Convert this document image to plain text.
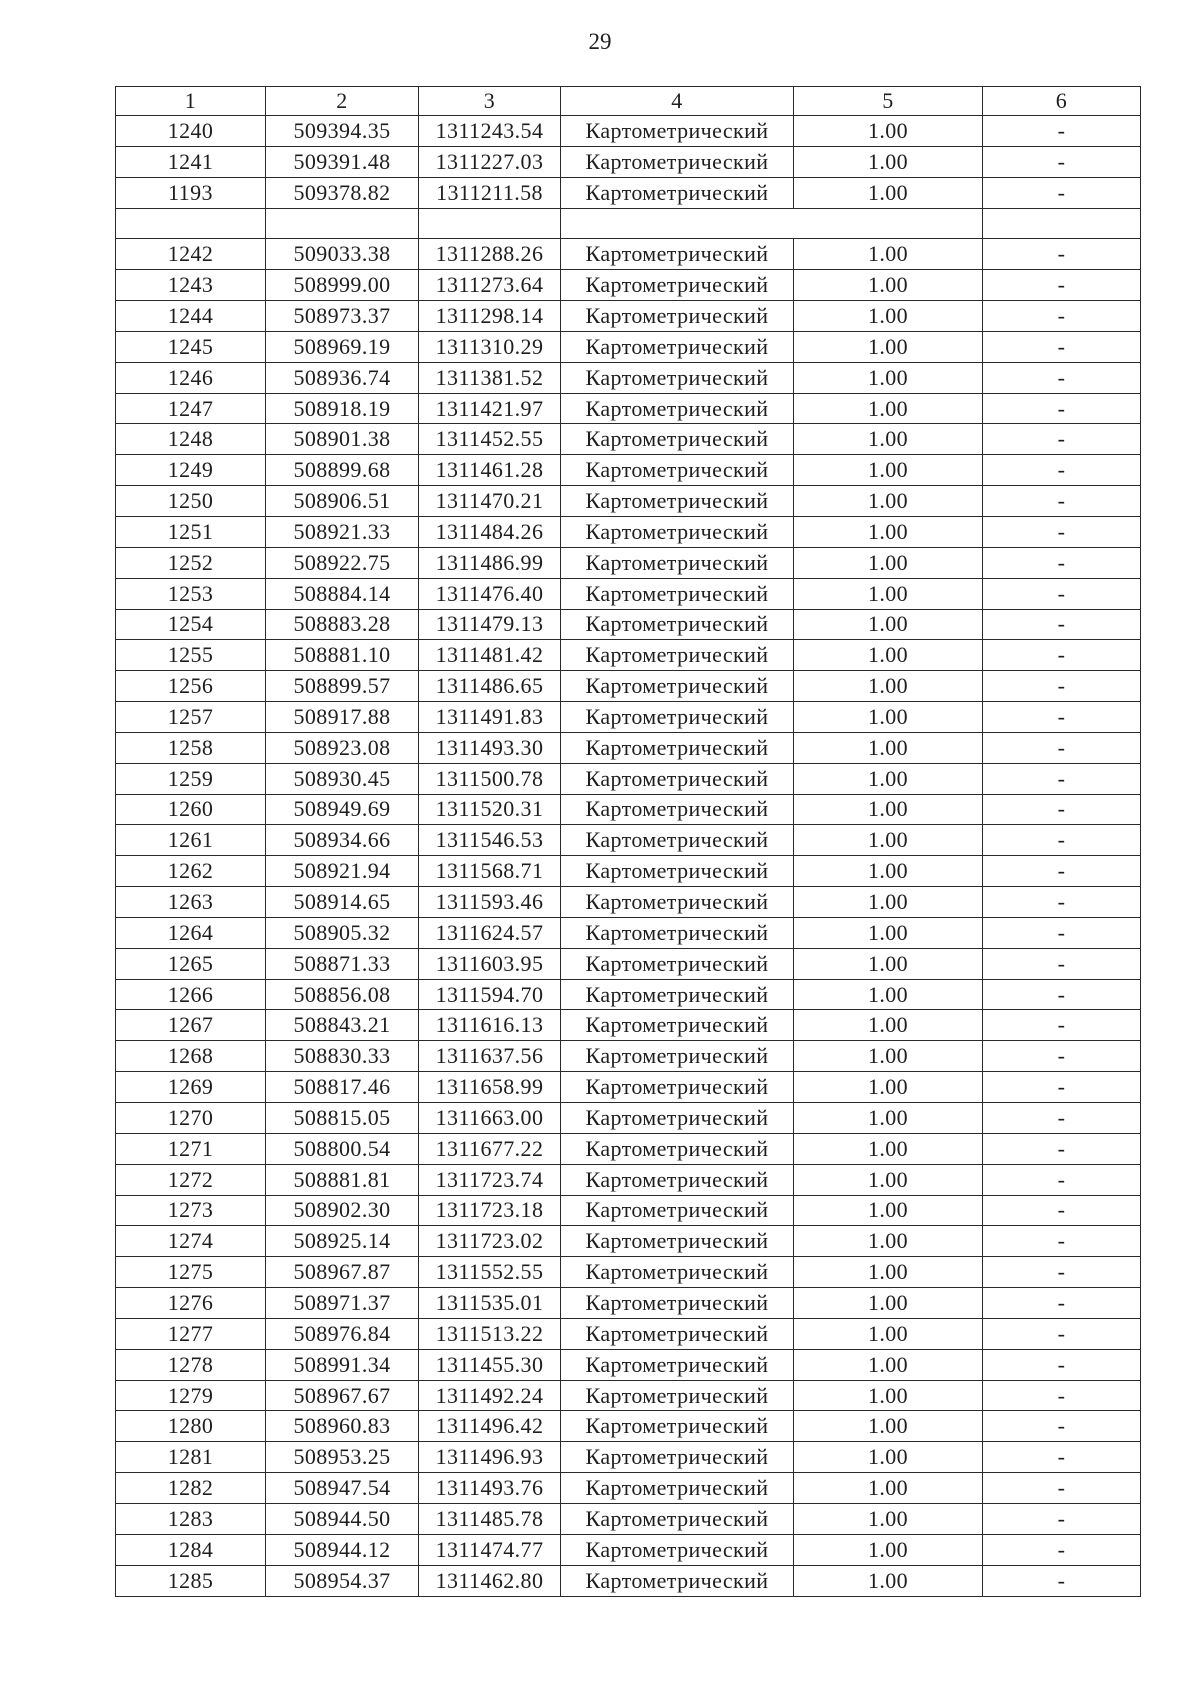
29
1	2	3	4	5	6
1240	509394.35	1311243.54	Картометрический	1.00	-
1241	509391.48	1311227.03	Картометрический	1.00	-
1193	509378.82	1311211.58	Картометрический	1.00	-

1242	509033.38	1311288.26	Картометрический	1.00	-
1243	508999.00	1311273.64	Картометрический	1.00	-
1244	508973.37	1311298.14	Картометрический	1.00	-
1245	508969.19	1311310.29	Картометрический	1.00	-
1246	508936.74	1311381.52	Картометрический	1.00	-
1247	508918.19	1311421.97	Картометрический	1.00	-
1248	508901.38	1311452.55	Картометрический	1.00	-
1249	508899.68	1311461.28	Картометрический	1.00	-
1250	508906.51	1311470.21	Картометрический	1.00	-
1251	508921.33	1311484.26	Картометрический	1.00	-
1252	508922.75	1311486.99	Картометрический	1.00	-
1253	508884.14	1311476.40	Картометрический	1.00	-
1254	508883.28	1311479.13	Картометрический	1.00	-
1255	508881.10	1311481.42	Картометрический	1.00	-
1256	508899.57	1311486.65	Картометрический	1.00	-
1257	508917.88	1311491.83	Картометрический	1.00	-
1258	508923.08	1311493.30	Картометрический	1.00	-
1259	508930.45	1311500.78	Картометрический	1.00	-
1260	508949.69	1311520.31	Картометрический	1.00	-
1261	508934.66	1311546.53	Картометрический	1.00	-
1262	508921.94	1311568.71	Картометрический	1.00	-
1263	508914.65	1311593.46	Картометрический	1.00	-
1264	508905.32	1311624.57	Картометрический	1.00	-
1265	508871.33	1311603.95	Картометрический	1.00	-
1266	508856.08	1311594.70	Картометрический	1.00	-
1267	508843.21	1311616.13	Картометрический	1.00	-
1268	508830.33	1311637.56	Картометрический	1.00	-
1269	508817.46	1311658.99	Картометрический	1.00	-
1270	508815.05	1311663.00	Картометрический	1.00	-
1271	508800.54	1311677.22	Картометрический	1.00	-
1272	508881.81	1311723.74	Картометрический	1.00	-
1273	508902.30	1311723.18	Картометрический	1.00	-
1274	508925.14	1311723.02	Картометрический	1.00	-
1275	508967.87	1311552.55	Картометрический	1.00	-
1276	508971.37	1311535.01	Картометрический	1.00	-
1277	508976.84	1311513.22	Картометрический	1.00	-
1278	508991.34	1311455.30	Картометрический	1.00	-
1279	508967.67	1311492.24	Картометрический	1.00	-
1280	508960.83	1311496.42	Картометрический	1.00	-
1281	508953.25	1311496.93	Картометрический	1.00	-
1282	508947.54	1311493.76	Картометрический	1.00	-
1283	508944.50	1311485.78	Картометрический	1.00	-
1284	508944.12	1311474.77	Картометрический	1.00	-
1285	508954.37	1311462.80	Картометрический	1.00	-
